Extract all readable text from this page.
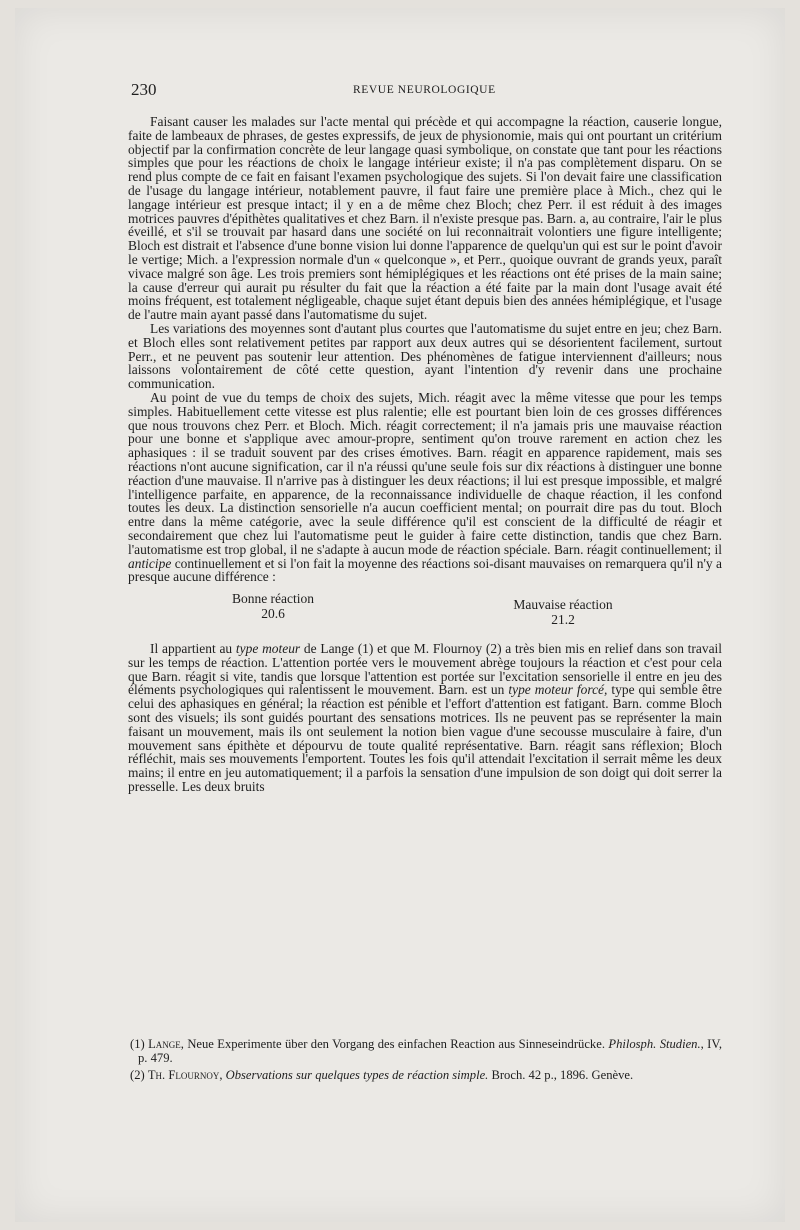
230	REVUE NEUROLOGIQUE

Faisant causer les malades sur l'acte mental qui précède et qui accompagne la réaction, causerie longue, faite de lambeaux de phrases, de gestes expressifs, de jeux de physionomie, mais qui ont pourtant un critérium objectif par la confirmation concrète de leur langage quasi symbolique, on constate que tant pour les réactions simples que pour les réactions de choix le langage intérieur existe; il n'a pas complètement disparu. On se rend plus compte de ce fait en faisant l'examen psychologique des sujets. Si l'on devait faire une classification de l'usage du langage intérieur, notablement pauvre, il faut faire une première place à Mich., chez qui le langage intérieur est presque intact; il y en a de même chez Bloch; chez Perr. il est réduit à des images motrices pauvres d'épithètes qualitatives et chez Barn. il n'existe presque pas. Barn. a, au contraire, l'air le plus éveillé, et s'il se trouvait par hasard dans une société on lui reconnaitrait volontiers une figure intelligente; Bloch est distrait et l'absence d'une bonne vision lui donne l'apparence de quelqu'un qui est sur le point d'avoir le vertige; Mich. a l'expression normale d'un « quelconque », et Perr., quoique ouvrant de grands yeux, paraît vivace malgré son âge. Les trois premiers sont hémiplégiques et les réactions ont été prises de la main saine; la cause d'erreur qui aurait pu résulter du fait que la réaction a été faite par la main dont l'usage avait été moins fréquent, est totalement négligeable, chaque sujet étant depuis bien des années hémiplégique, et l'usage de l'autre main ayant passé dans l'automatisme du sujet.

Les variations des moyennes sont d'autant plus courtes que l'automatisme du sujet entre en jeu; chez Barn. et Bloch elles sont relativement petites par rapport aux deux autres qui se désorientent facilement, surtout Perr., et ne peuvent pas soutenir leur attention. Des phénomènes de fatigue interviennent d'ailleurs; nous laissons volontairement de côté cette question, ayant l'intention d'y revenir dans une prochaine communication.

Au point de vue du temps de choix des sujets, Mich. réagit avec la même vitesse que pour les temps simples. Habituellement cette vitesse est plus ralentie; elle est pourtant bien loin de ces grosses différences que nous trouvons chez Perr. et Bloch. Mich. réagit correctement; il n'a jamais pris une mauvaise réaction pour une bonne et s'applique avec amour-propre, sentiment qu'on trouve rarement en action chez les aphasiques : il se traduit souvent par des crises émotives. Barn. réagit en apparence rapidement, mais ses réactions n'ont aucune signification, car il n'a réussi qu'une seule fois sur dix réactions à distinguer une bonne réaction d'une mauvaise. Il n'arrive pas à distinguer les deux réactions; il lui est presque impossible, et malgré l'intelligence parfaite, en apparence, de la reconnaissance individuelle de chaque réaction, il les confond toutes les deux. La distinction sensorielle n'a aucun coefficient mental; on pourrait dire pas du tout. Bloch entre dans la même catégorie, avec la seule différence qu'il est conscient de la difficulté de réagir et secondairement que chez lui l'automatisme peut le guider à faire cette distinction, tandis que chez Barn. l'automatisme est trop global, il ne s'adapte à aucun mode de réaction spéciale. Barn. réagit continuellement; il anticipe continuellement et si l'on fait la moyenne des réactions soi-disant mauvaises on remarquera qu'il n'y a presque aucune différence :

Bonne réaction
20.6
Mauvaise réaction
21.2

Il appartient au type moteur de Lange (1) et que M. Flournoy (2) a très bien mis en relief dans son travail sur les temps de réaction. L'attention portée vers le mouvement abrège toujours la réaction et c'est pour cela que Barn. réagit si vite, tandis que lorsque l'attention est portée sur l'excitation sensorielle il entre en jeu des éléments psychologiques qui ralentissent le mouvement. Barn. est un type moteur forcé, type qui semble être celui des aphasiques en général; la réaction est pénible et l'effort d'attention est fatigant. Barn. comme Bloch sont des visuels; ils sont guidés pourtant des sensations motrices. Ils ne peuvent pas se représenter la main faisant un mouvement, mais ils ont seulement la notion bien vague d'une secousse musculaire à faire, d'un mouvement sans épithète et dépourvu de toute qualité représentative. Barn. réagit sans réflexion; Bloch réfléchit, mais ses mouvements l'emportent. Toutes les fois qu'il attendait l'excitation il serrait même les deux mains; il entre en jeu automatiquement; il a parfois la sensation d'une impulsion de son doigt qui doit serrer la presselle. Les deux bruits

(1) Lange, Neue Experimente über den Vorgang des einfachen Reaction aus Sinneseindrücke. Philosph. Studien., IV, p. 479.

(2) Th. Flournoy, Observations sur quelques types de réaction simple. Broch. 42 p., 1896. Genève.
